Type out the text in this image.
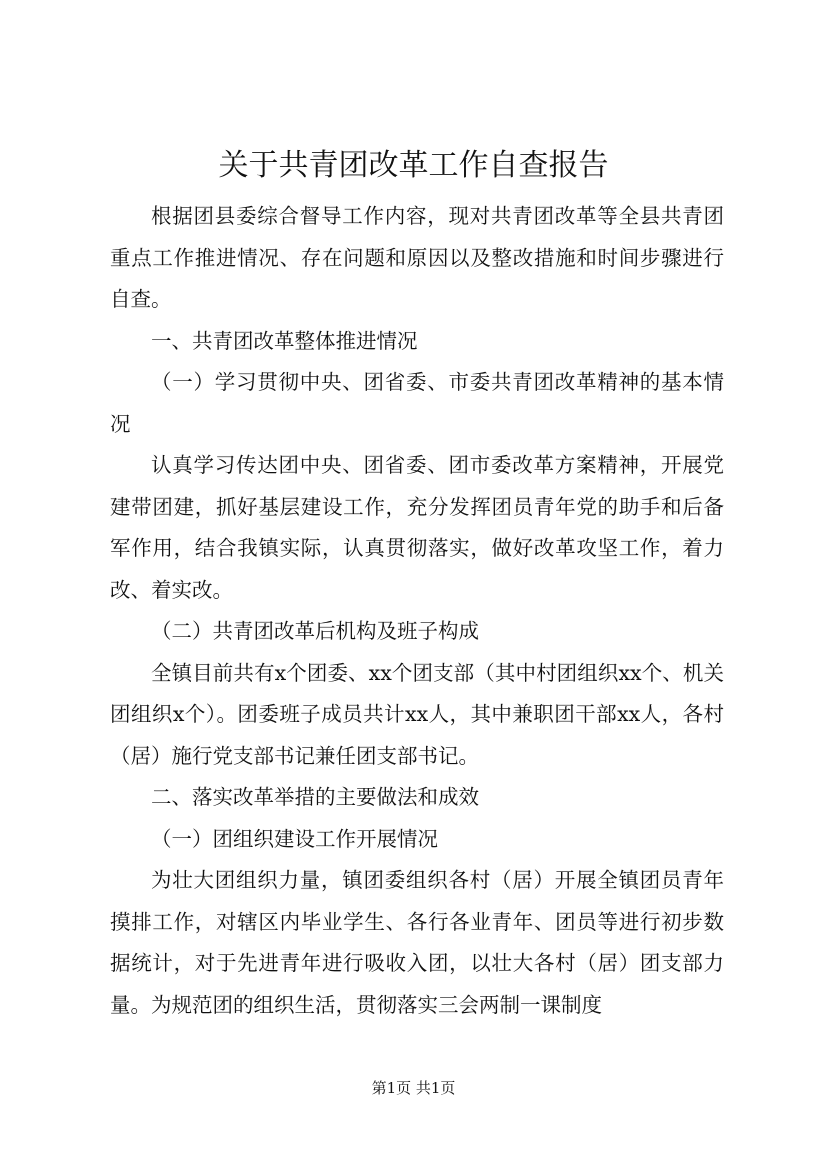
关于共青团改革工作自查报告

根据团县委综合督导工作内容，现对共青团改革等全县共青团重点工作推进情况、存在问题和原因以及整改措施和时间步骤进行自查。

一、共青团改革整体推进情况

（一）学习贯彻中央、团省委、市委共青团改革精神的基本情况

认真学习传达团中央、团省委、团市委改革方案精神，开展党建带团建，抓好基层建设工作，充分发挥团员青年党的助手和后备军作用，结合我镇实际，认真贯彻落实，做好改革攻坚工作，着力改、着实改。

（二）共青团改革后机构及班子构成

全镇目前共有x个团委、xx个团支部（其中村团组织xx个、机关团组织x个）。团委班子成员共计xx人，其中兼职团干部xx人，各村（居）施行党支部书记兼任团支部书记。

二、落实改革举措的主要做法和成效

（一）团组织建设工作开展情况

为壮大团组织力量，镇团委组织各村（居）开展全镇团员青年摸排工作，对辖区内毕业学生、各行各业青年、团员等进行初步数据统计，对于先进青年进行吸收入团，以壮大各村（居）团支部力量。为规范团的组织生活，贯彻落实三会两制一课制度

第1页 共1页
